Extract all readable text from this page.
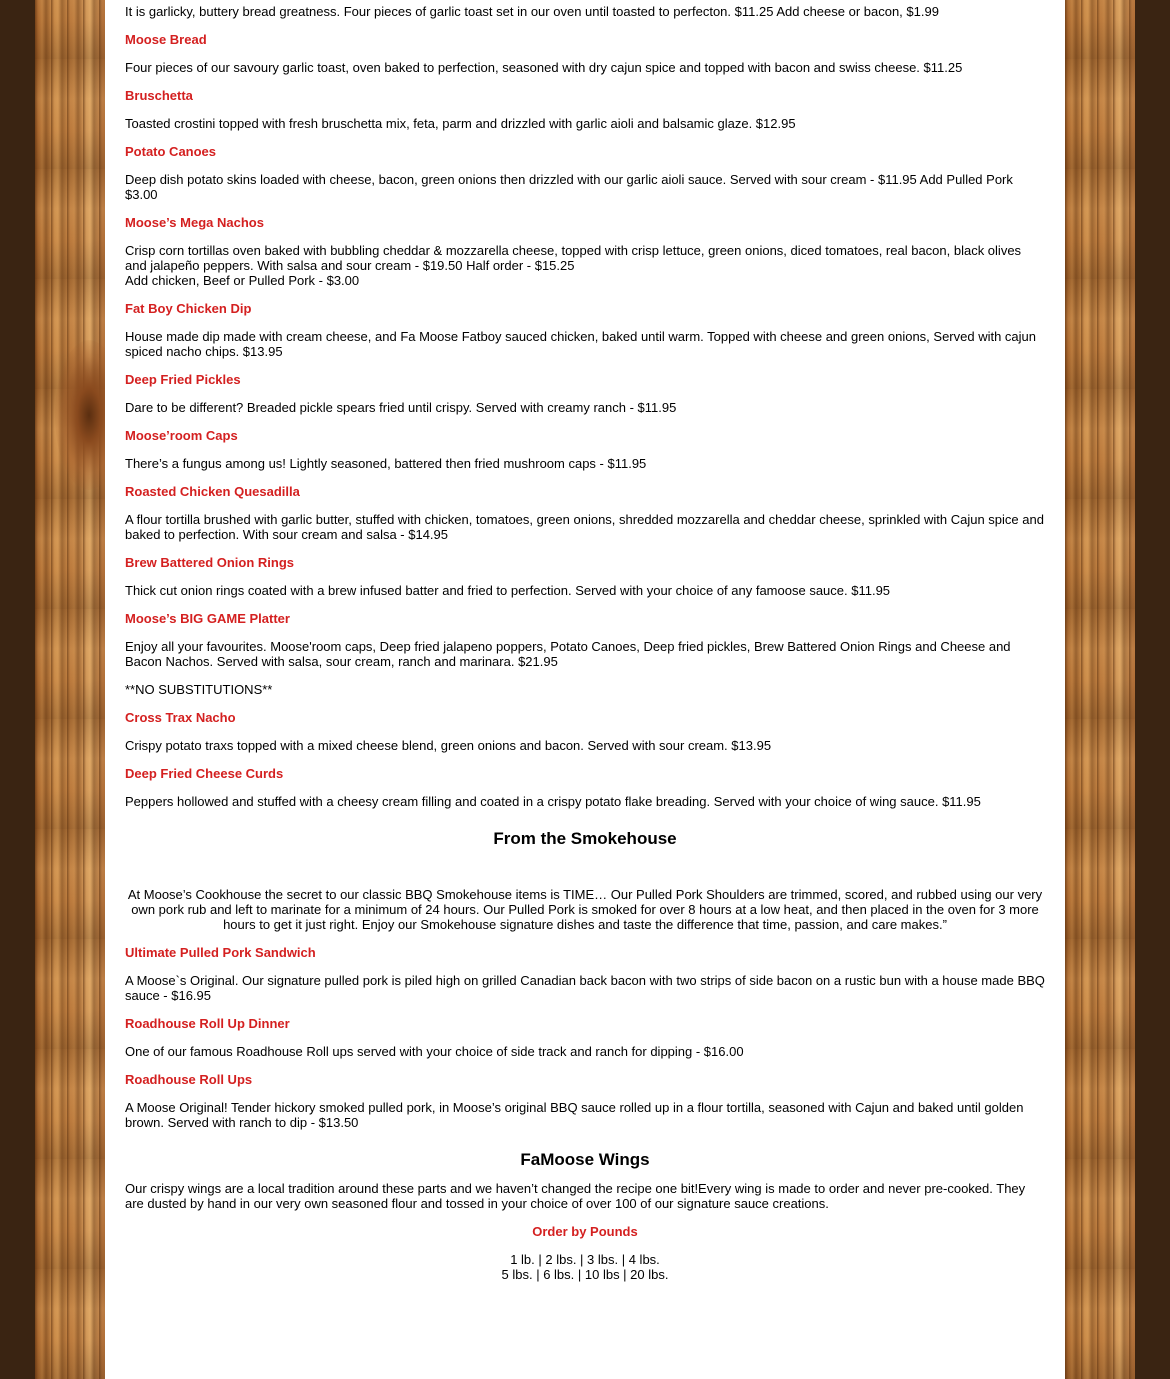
It is garlicky, buttery bread greatness. Four pieces of garlic toast set in our oven until toasted to perfecton. $11.25 Add cheese or bacon, $1.99

Moose Bread

Four pieces of our savoury garlic toast, oven baked to perfection, seasoned with dry cajun spice and topped with bacon and swiss cheese. $11.25

Bruschetta

Toasted crostini topped with fresh bruschetta mix, feta, parm and drizzled with garlic aioli and balsamic glaze. $12.95

Potato Canoes

Deep dish potato skins loaded with cheese, bacon, green onions then drizzled with our garlic aioli sauce. Served with sour cream - $11.95 Add Pulled Pork $3.00

Moose’s Mega Nachos

Crisp corn tortillas oven baked with bubbling cheddar & mozzarella cheese, topped with crisp lettuce, green onions, diced tomatoes, real bacon, black olives and jalapeño peppers. With salsa and sour cream - $19.50 Half order - $15.25

Add chicken, Beef or Pulled Pork - $3.00

Fat Boy Chicken Dip

House made dip made with cream cheese, and Fa Moose Fatboy sauced chicken, baked until warm. Topped with cheese and green onions, Served with cajun spiced nacho chips. $13.95

Deep Fried Pickles

Dare to be different? Breaded pickle spears fried until crispy. Served with creamy ranch - $11.95

Moose’room Caps

There’s a fungus among us! Lightly seasoned, battered then fried mushroom caps - $11.95

Roasted Chicken Quesadilla

A flour tortilla brushed with garlic butter, stuffed with chicken, tomatoes, green onions, shredded mozzarella and cheddar cheese, sprinkled with Cajun spice and baked to perfection. With sour cream and salsa - $14.95

Brew Battered Onion Rings

Thick cut onion rings coated with a brew infused batter and fried to perfection. Served with your choice of any famoose sauce. $11.95

Moose’s BIG GAME Platter

Enjoy all your favourites. Moose'room caps, Deep fried jalapeno poppers, Potato Canoes, Deep fried pickles, Brew Battered Onion Rings and Cheese and Bacon Nachos. Served with salsa, sour cream, ranch and marinara. $21.95

**NO SUBSTITUTIONS**

Cross Trax Nacho

Crispy potato traxs topped with a mixed cheese blend, green onions and bacon. Served with sour cream. $13.95

Deep Fried Cheese Curds

Peppers hollowed and stuffed with a cheesy cream filling and coated in a crispy potato flake breading. Served with your choice of wing sauce. $11.95

From the Smokehouse

At Moose’s Cookhouse the secret to our classic BBQ Smokehouse items is TIME… Our Pulled Pork Shoulders are trimmed, scored, and rubbed using our very own pork rub and left to marinate for a minimum of 24 hours. Our Pulled Pork is smoked for over 8 hours at a low heat, and then placed in the oven for 3 more hours to get it just right. Enjoy our Smokehouse signature dishes and taste the difference that time, passion, and care makes.”

Ultimate Pulled Pork Sandwich

A Moose`s Original. Our signature pulled pork is piled high on grilled Canadian back bacon with two strips of side bacon on a rustic bun with a house made BBQ sauce - $16.95

Roadhouse Roll Up Dinner

One of our famous Roadhouse Roll ups served with your choice of side track and ranch for dipping - $16.00

Roadhouse Roll Ups

A Moose Original! Tender hickory smoked pulled pork, in Moose’s original BBQ sauce rolled up in a flour tortilla, seasoned with Cajun and baked until golden brown. Served with ranch to dip - $13.50

FaMoose Wings

Our crispy wings are a local tradition around these parts and we haven’t changed the recipe one bit!Every wing is made to order and never pre-cooked. They are dusted by hand in our very own seasoned flour and tossed in your choice of over 100 of our signature sauce creations.

Order by Pounds

1 lb. | 2 lbs. | 3 lbs. | 4 lbs.

5 lbs. | 6 lbs. | 10 lbs | 20 lbs.
